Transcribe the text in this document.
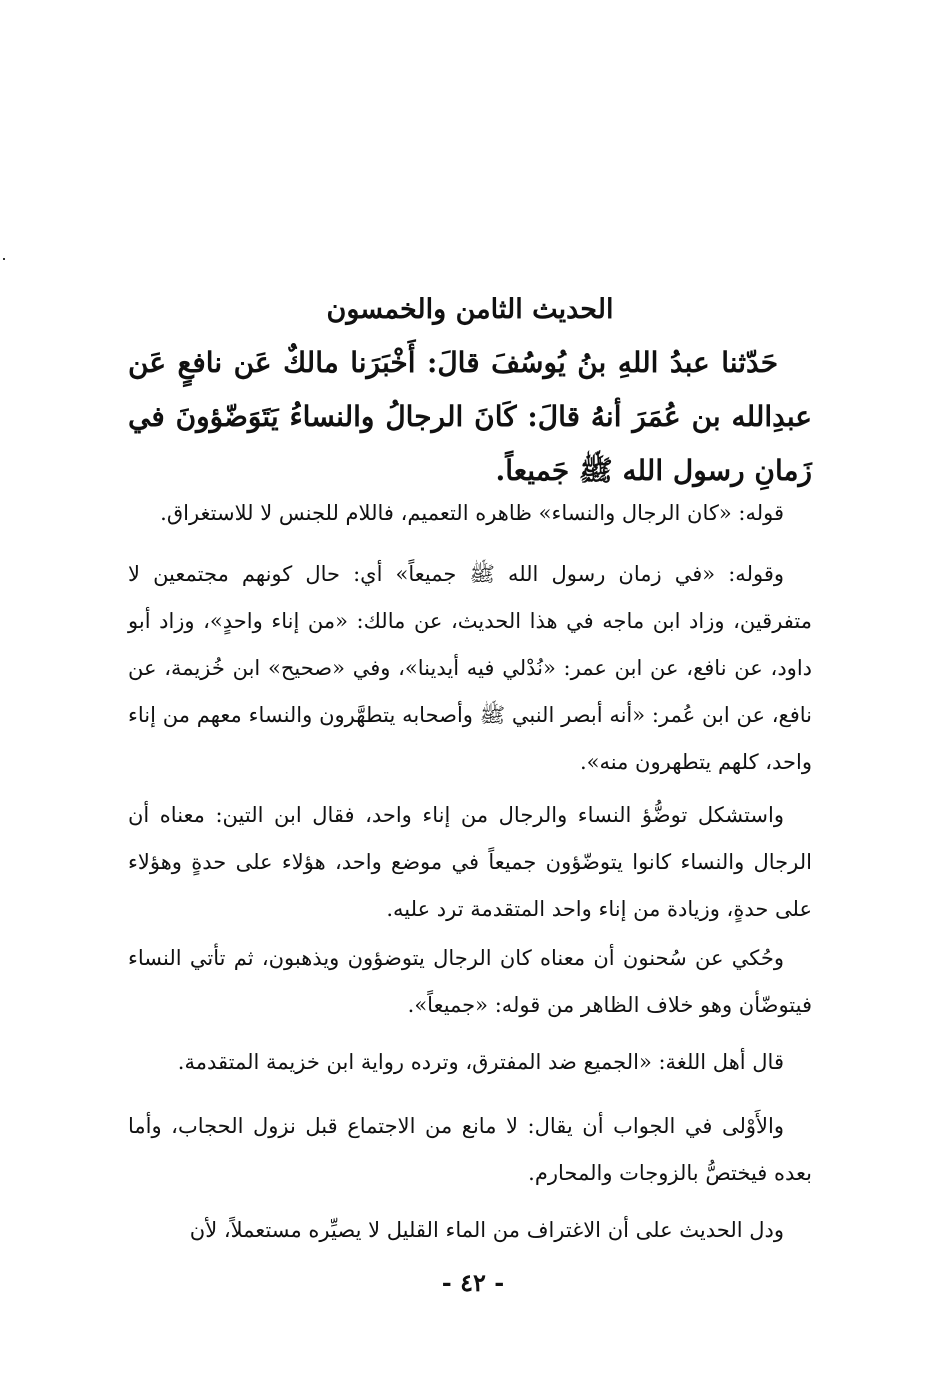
الحديث الثامن والخمسون

حَدّثنا عبدُ اللهِ بنُ يُوسُفَ قالَ: أَخْبَرَنا مالكٌ عَن نافعٍ عَن عبدِالله بن عُمَرَ أنهُ قالَ: كَانَ الرجالُ والنساءُ يَتَوَضّؤونَ في زَمانِ رسول الله ﷺ جَميعاً.

قوله: «كان الرجال والنساء» ظاهره التعميم، فاللام للجنس لا للاستغراق.

وقوله: «في زمان رسول الله ﷺ جميعاً» أي: حال كونهم مجتمعين لا متفرقين، وزاد ابن ماجه في هذا الحديث، عن مالك: «من إناء واحدٍ»، وزاد أبو داود، عن نافع، عن ابن عمر: «نُدْلي فيه أيدينا»، وفي «صحيح» ابن خُزيمة، عن نافع، عن ابن عُمر: «أنه أبصر النبي ﷺ وأصحابه يتطهَّرون والنساء معهم من إناء واحد، كلهم يتطهرون منه».

واستشكل توضُّؤ النساء والرجال من إناء واحد، فقال ابن التين: معناه أن الرجال والنساء كانوا يتوضّؤون جميعاً في موضع واحد، هؤلاء على حدةٍ وهؤلاء على حدةٍ، وزيادة من إناء واحد المتقدمة ترد عليه.

وحُكي عن سُحنون أن معناه كان الرجال يتوضؤون ويذهبون، ثم تأتي النساء فيتوضّأن وهو خلاف الظاهر من قوله: «جميعاً».

قال أهل اللغة: «الجميع ضد المفترق، وترده رواية ابن خزيمة المتقدمة.

والأَوْلى في الجواب أن يقال: لا مانع من الاجتماع قبل نزول الحجاب، وأما بعده فيختصُّ بالزوجات والمحارم.

ودل الحديث على أن الاغتراف من الماء القليل لا يصيِّره مستعملاً، لأن

- ٤٢ -
